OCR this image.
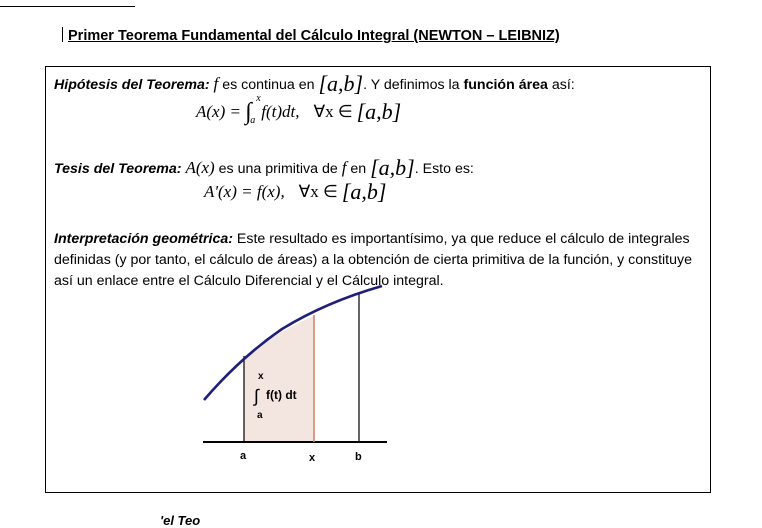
Primer Teorema Fundamental del Cálculo Integral (NEWTON – LEIBNIZ)
Hipótesis del Teorema: f es continua en [a,b]. Y definimos la función área así:
A(x) = ∫
x
a f(t)dt, ∀x ∈ [a,b]
Tesis del Teorema: A(x) es una primitiva de f en [a,b]. Esto es:
A'(x) = f(x), ∀x ∈ [a,b]
Interpretación geométrica: Este resultado es importantísimo, ya que reduce el cálculo de integrales definidas (y por tanto, el cálculo de áreas) a la obtención de cierta primitiva de la función, y constituye así un enlace entre el Cálculo Diferencial y el Cálculo integral.
x
∫ f(t) dt
a
a	x	b
'el Teo
